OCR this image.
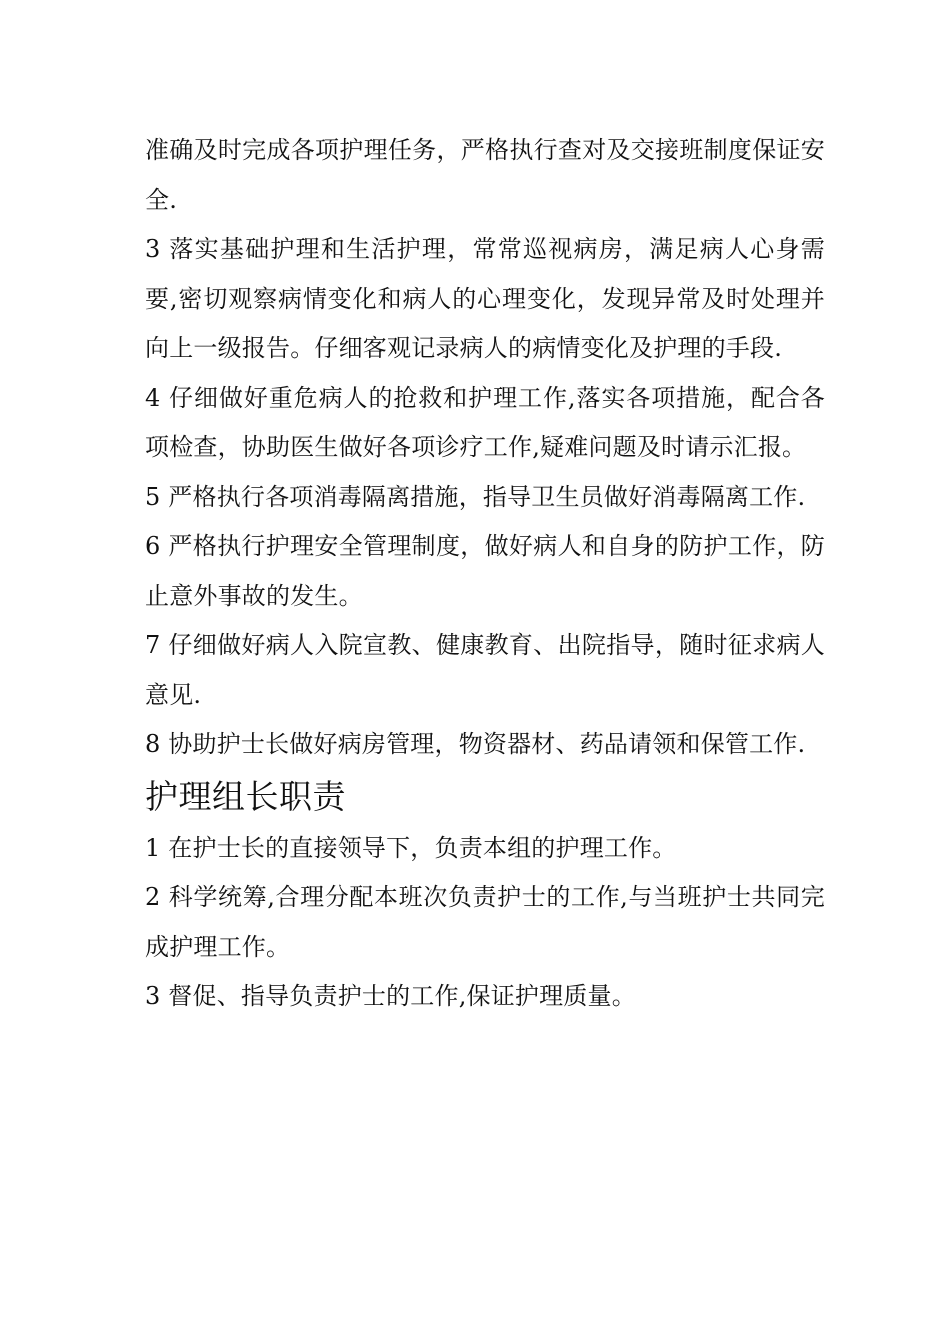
准确及时完成各项护理任务，严格执行查对及交接班制度保证安全.

3 落实基础护理和生活护理，常常巡视病房，满足病人心身需要,密切观察病情变化和病人的心理变化，发现异常及时处理并向上一级报告。仔细客观记录病人的病情变化及护理的手段.

4 仔细做好重危病人的抢救和护理工作,落实各项措施，配合各项检查，协助医生做好各项诊疗工作,疑难问题及时请示汇报。

5 严格执行各项消毒隔离措施，指导卫生员做好消毒隔离工作.

6 严格执行护理安全管理制度，做好病人和自身的防护工作，防止意外事故的发生。

7 仔细做好病人入院宣教、健康教育、出院指导，随时征求病人意见.

8 协助护士长做好病房管理，物资器材、药品请领和保管工作.

护理组长职责

1 在护士长的直接领导下，负责本组的护理工作。

2 科学统筹,合理分配本班次负责护士的工作,与当班护士共同完成护理工作。

3 督促、指导负责护士的工作,保证护理质量。
